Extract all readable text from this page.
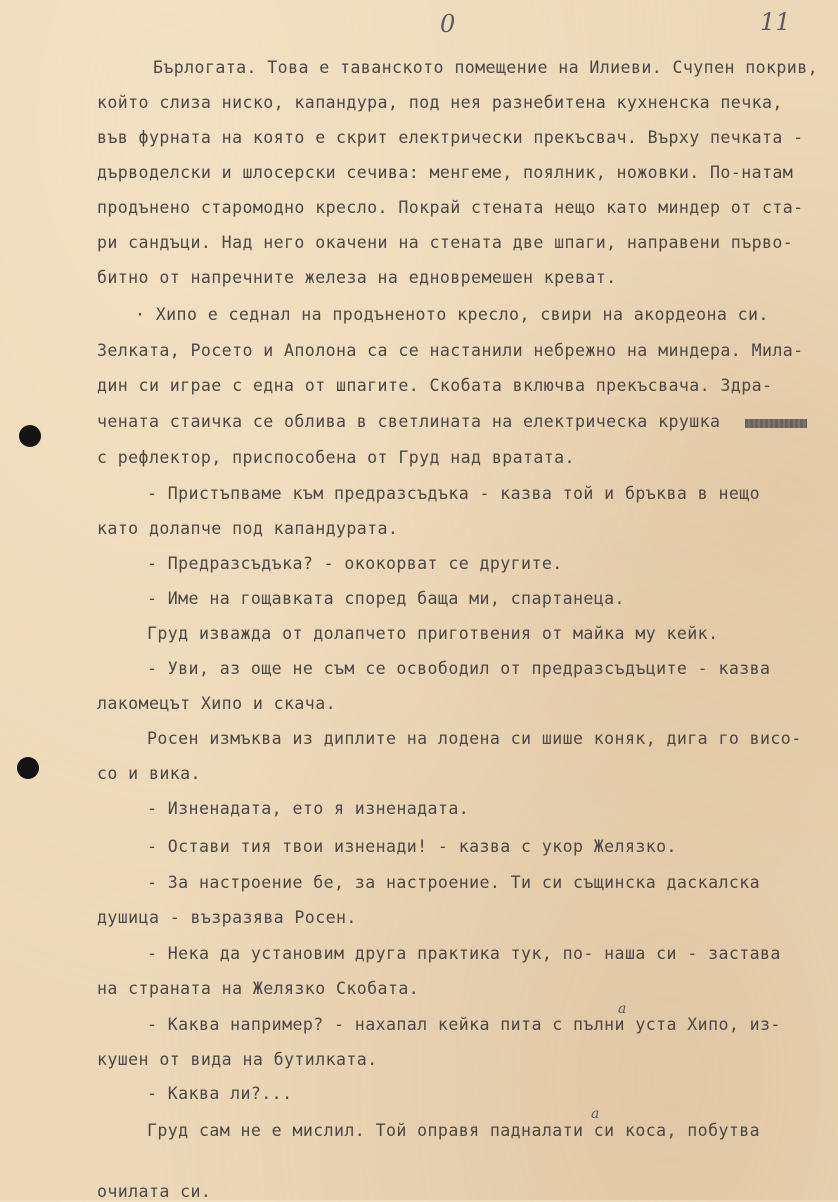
0	11
Бърлогата. Това е таванското помещение на Илиеви. Счупен покрив,
който слиза ниско, капандура, под нея разнебитена кухненска печка,
във фурната на която е скрит електрически прекъсвач. Върху печката -
дърводелски и шлосерски сечива: менгеме, поялник, ножовки. По-натам
продънено старомодно кресло. Покрай стената нещо като миндер от ста-
ри сандъци. Над него окачени на стената две шпаги, направени първо-
битно от напречните железа на едновремешен креват.
· Хипо е седнал на продъненото кресло, свири на акордеона си.
Зелката, Росето и Аполона са се настанили небрежно на миндера. Мила-
дин си играе с една от шпагите. Скобата включва прекъсвача. Здра-
чената стаичка се облива в светлината на електрическа крушка
с рефлектор, приспособена от Груд над вратата.
- Пристъпваме към предразсъдъка - казва той и бръква в нещо
като долапче под капандурата.
- Предразсъдъка? - ококорват се другите.
- Име на гощавката според баща ми, спартанеца.
Груд изважда от долапчето приготвения от майка му кейк.
- Уви, аз още не съм се освободил от предразсъдъците - казва
лакомецът Хипо и скача.
Росен измъква из диплите на лодена си шише коняк, дига го висо-
со и вика.
- Изненадата, ето я изненадата.
- Остави тия твои изненади! - казва с укор Желязко.
- За настроение бе, за настроение. Ти си същинска даскалска
душица - възразява Росен.
- Нека да установим друга практика тук, по- наша си - застава
на страната на Желязко Скобата.
а
- Каква например? - нахапал кейка пита с пълни уста Хипо, из-
кушен от вида на бутилката.
- Каква ли?...
а
Груд сам не е мислил. Той оправя падналати си коса, побутва
очилата си.
